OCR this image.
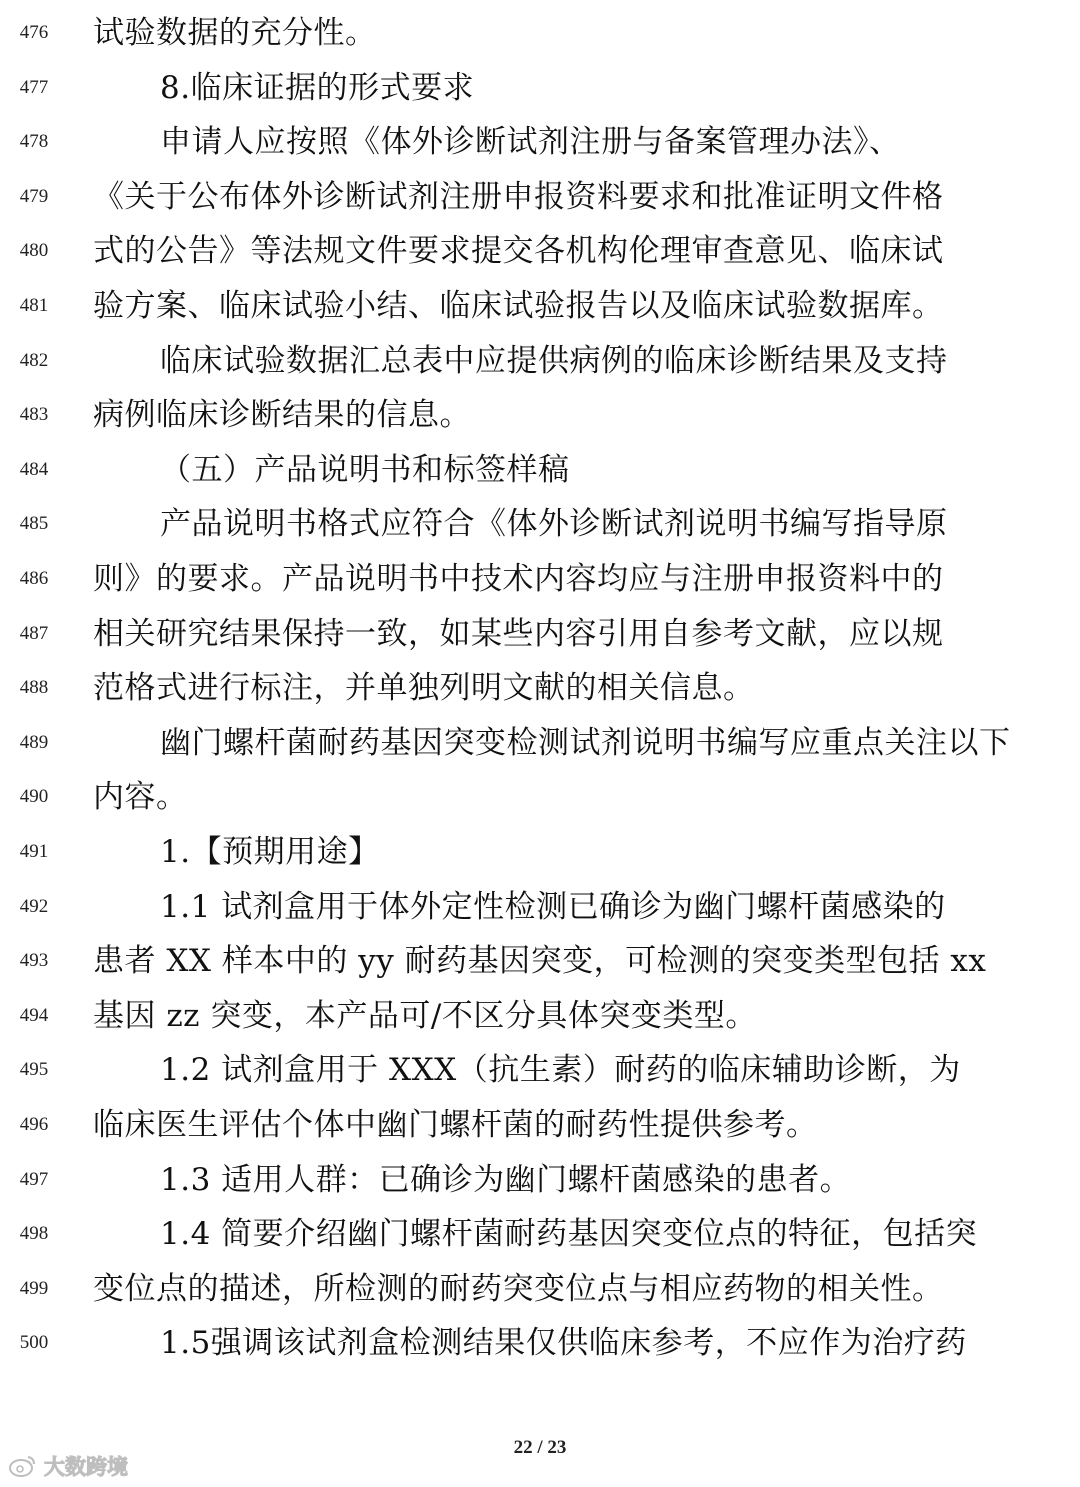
476	试验数据的充分性。
477	8.临床证据的形式要求
478	申请人应按照《体外诊断试剂注册与备案管理办法》、
479	《关于公布体外诊断试剂注册申报资料要求和批准证明文件格
480	式的公告》等法规文件要求提交各机构伦理审查意见、临床试
481	验方案、临床试验小结、临床试验报告以及临床试验数据库。
482	临床试验数据汇总表中应提供病例的临床诊断结果及支持
483	病例临床诊断结果的信息。
484	（五）产品说明书和标签样稿
485	产品说明书格式应符合《体外诊断试剂说明书编写指导原
486	则》的要求。产品说明书中技术内容均应与注册申报资料中的
487	相关研究结果保持一致，如某些内容引用自参考文献，应以规
488	范格式进行标注，并单独列明文献的相关信息。
489	幽门螺杆菌耐药基因突变检测试剂说明书编写应重点关注以下
490	内容。
491	1.【预期用途】
492	1.1 试剂盒用于体外定性检测已确诊为幽门螺杆菌感染的
493	患者 XX 样本中的 yy 耐药基因突变，可检测的突变类型包括 xx
494	基因 zz 突变，本产品可/不区分具体突变类型。
495	1.2 试剂盒用于 XXX（抗生素）耐药的临床辅助诊断，为
496	临床医生评估个体中幽门螺杆菌的耐药性提供参考。
497	1.3 适用人群：已确诊为幽门螺杆菌感染的患者。
498	1.4 简要介绍幽门螺杆菌耐药基因突变位点的特征，包括突
499	变位点的描述，所检测的耐药突变位点与相应药物的相关性。
500	1.5强调该试剂盒检测结果仅供临床参考，不应作为治疗药
22 / 23
大数跨境
